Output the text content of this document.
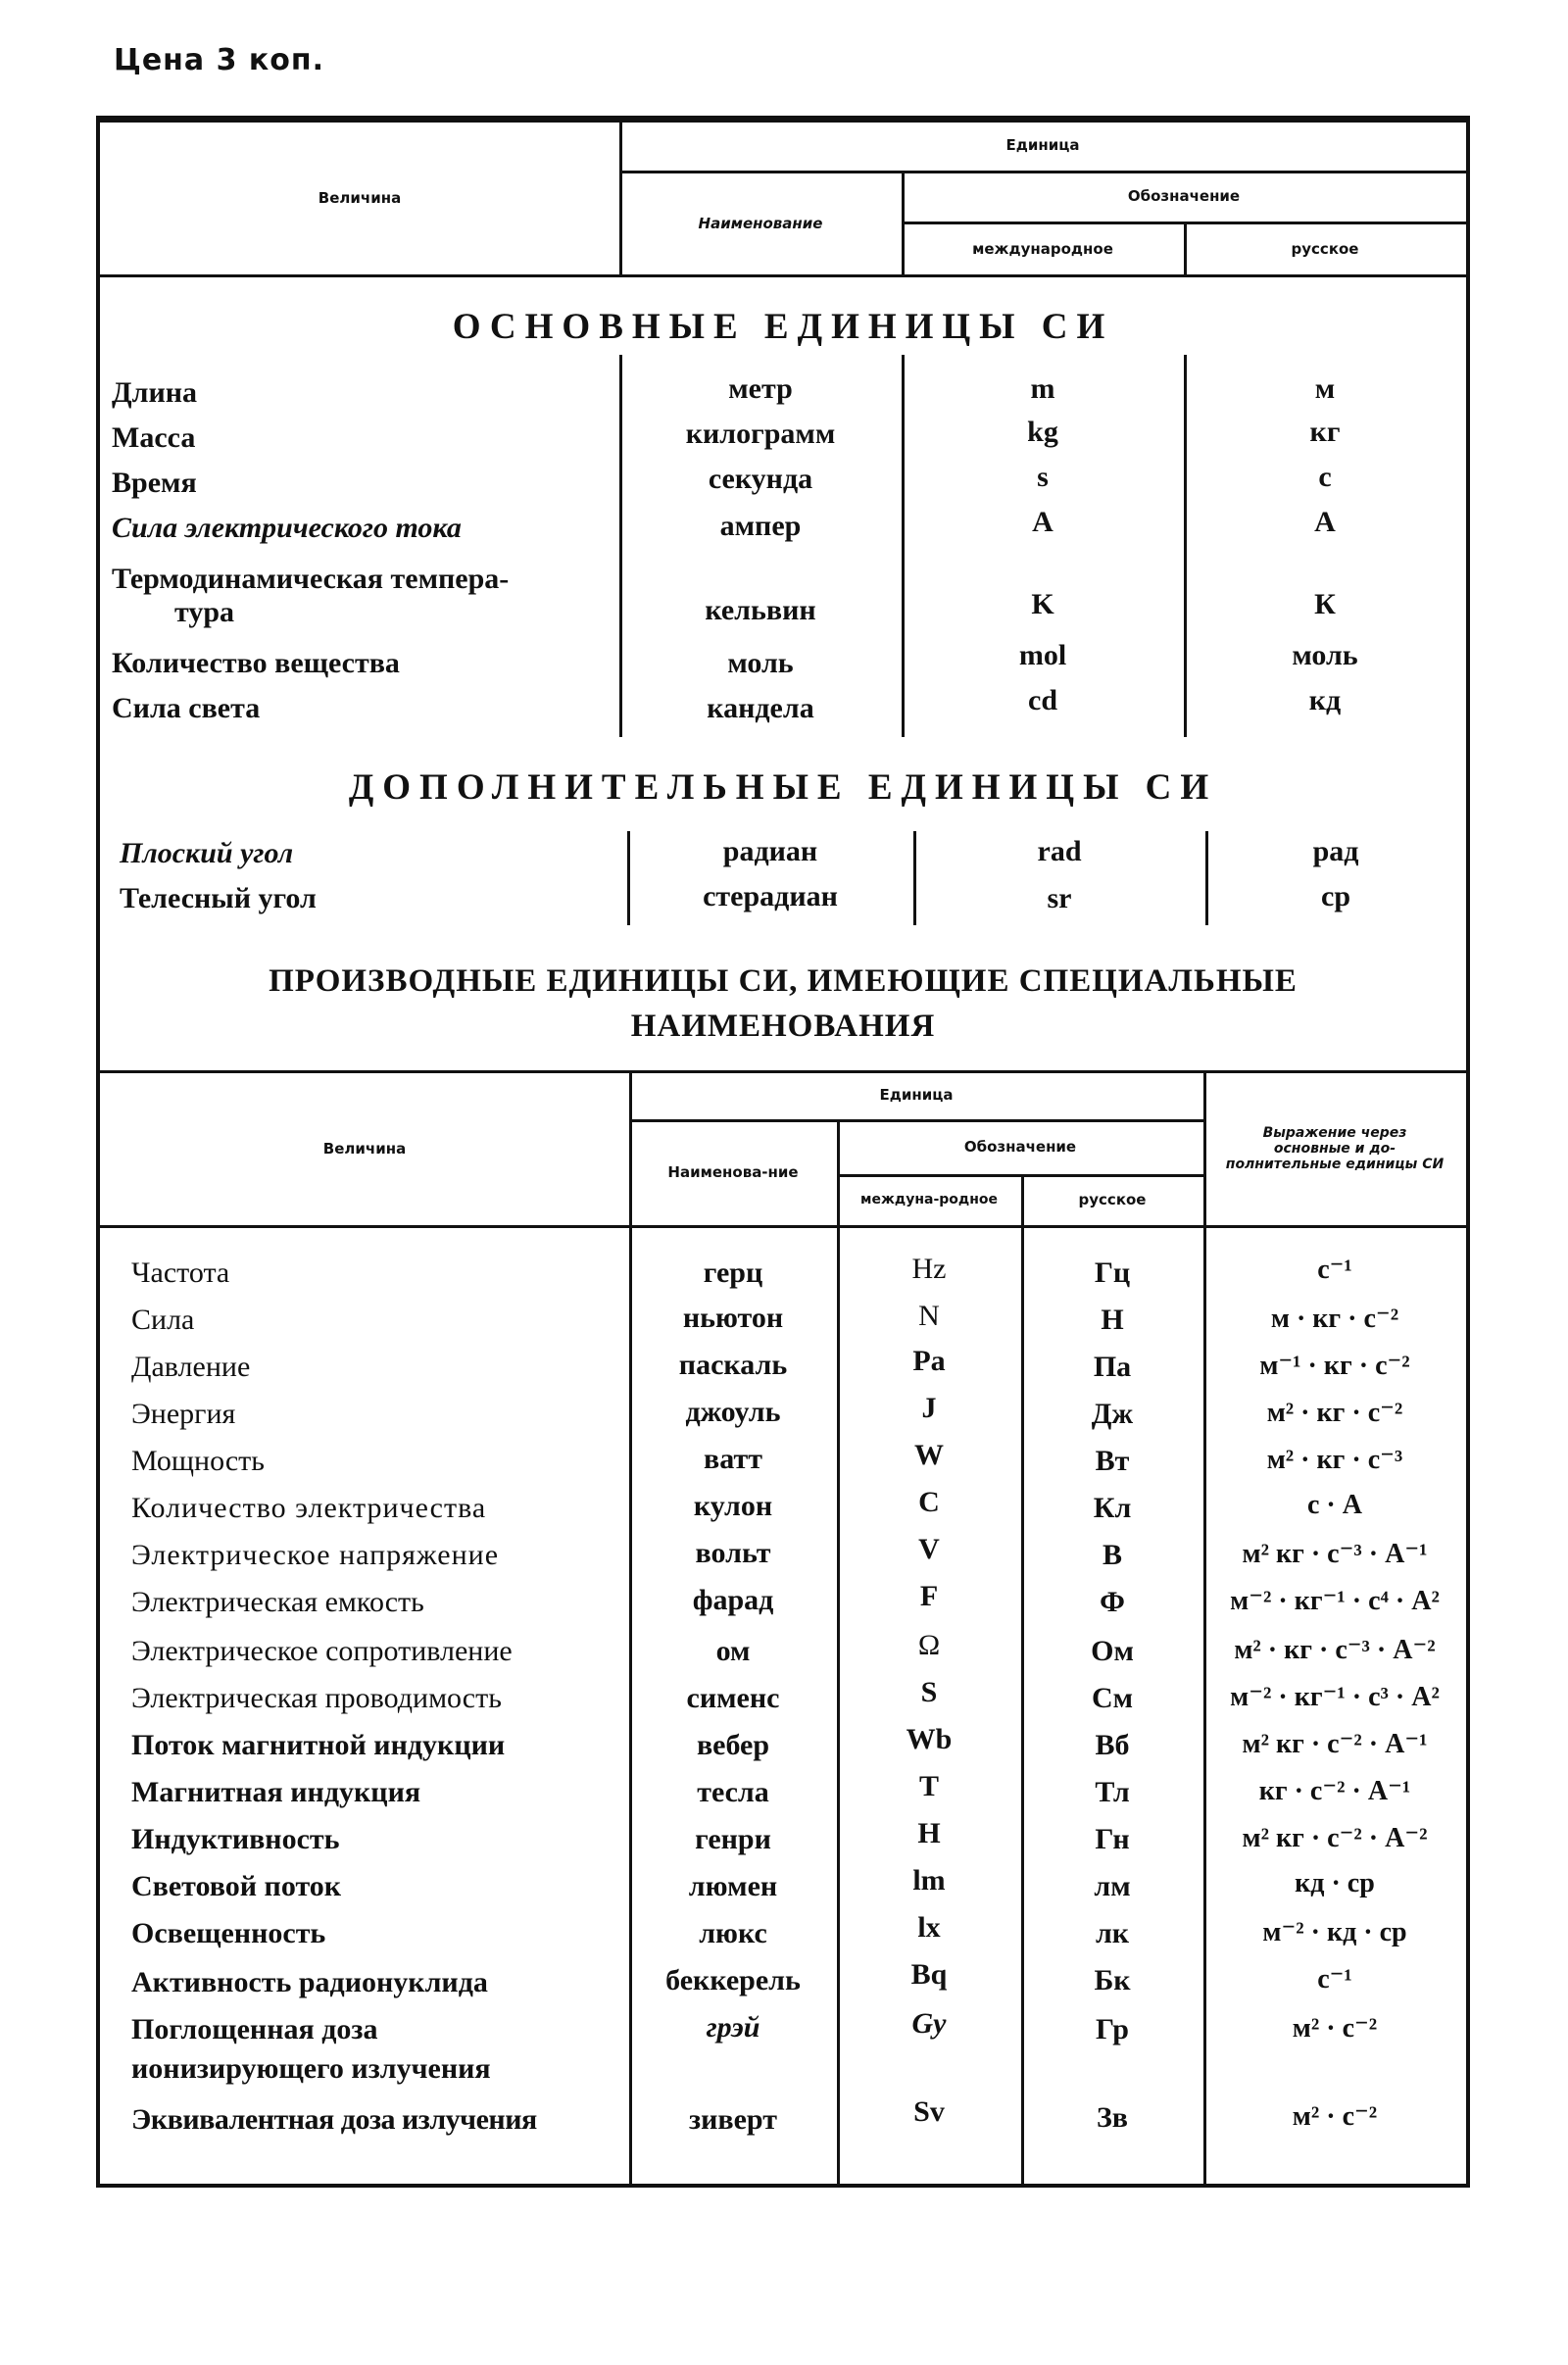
Цена 3 коп.
Величина
Единица
Наименование
Обозначение
международное	русское
ОСНОВНЫЕ ЕДИНИЦЫ СИ
Длина	метр	m	м
Масса	килограмм	kg	кг
Время	секунда	s	с
Сила электрического тока	ампер	A	А
Термодинамическая темпера-
тура	кельвин	K	К
Количество вещества	моль	mol	моль
Сила света	кандела	cd	кд
ДОПОЛНИТЕЛЬНЫЕ ЕДИНИЦЫ СИ
Плоский угол	радиан	rad	рад
Телесный угол	стерадиан	sr	ср
ПРОИЗВОДНЫЕ ЕДИНИЦЫ СИ, ИМЕЮЩИЕ СПЕЦИАЛЬНЫЕ
НАИМЕНОВАНИЯ
Величина
Единица
Наименова-ние
Обозначение
междуна-родное	русское
Выражение через основные и до-полнительные единицы СИ
Частота	герц	Hz	Гц	с⁻¹
Сила	ньютон	N	Н	м · кг · с⁻²
Давление	паскаль	Pa	Па	м⁻¹ · кг · с⁻²
Энергия	джоуль	J	Дж	м² · кг · с⁻²
Мощность	ватт	W	Вт	м² · кг · с⁻³
Количество электричества	кулон	C	Кл	с · А
Электрическое напряжение	вольт	V	В	м² кг · с⁻³ · А⁻¹
Электрическая емкость	фарад	F	Ф	м⁻² · кг⁻¹ · с⁴ · А²
Электрическое сопротивление	ом	Ω	Ом	м² · кг · с⁻³ · А⁻²
Электрическая проводимость	сименс	S	См	м⁻² · кг⁻¹ · с³ · А²
Поток магнитной индукции	вебер	Wb	Вб	м² кг · с⁻² · А⁻¹
Магнитная индукция	тесла	T	Тл	кг · с⁻² · А⁻¹
Индуктивность	генри	H	Гн	м² кг · с⁻² · А⁻²
Световой поток	люмен	lm	лм	кд · ср
Освещенность	люкс	lx	лк	м⁻² · кд · ср
Активность радионуклида	беккерель	Bq	Бк	с⁻¹
Поглощенная доза
ионизирующего излучения
грэй	Gy	Гр	м² · с⁻²
Эквивалентная доза излучения	зиверт	Sv	Зв	м² · с⁻²
